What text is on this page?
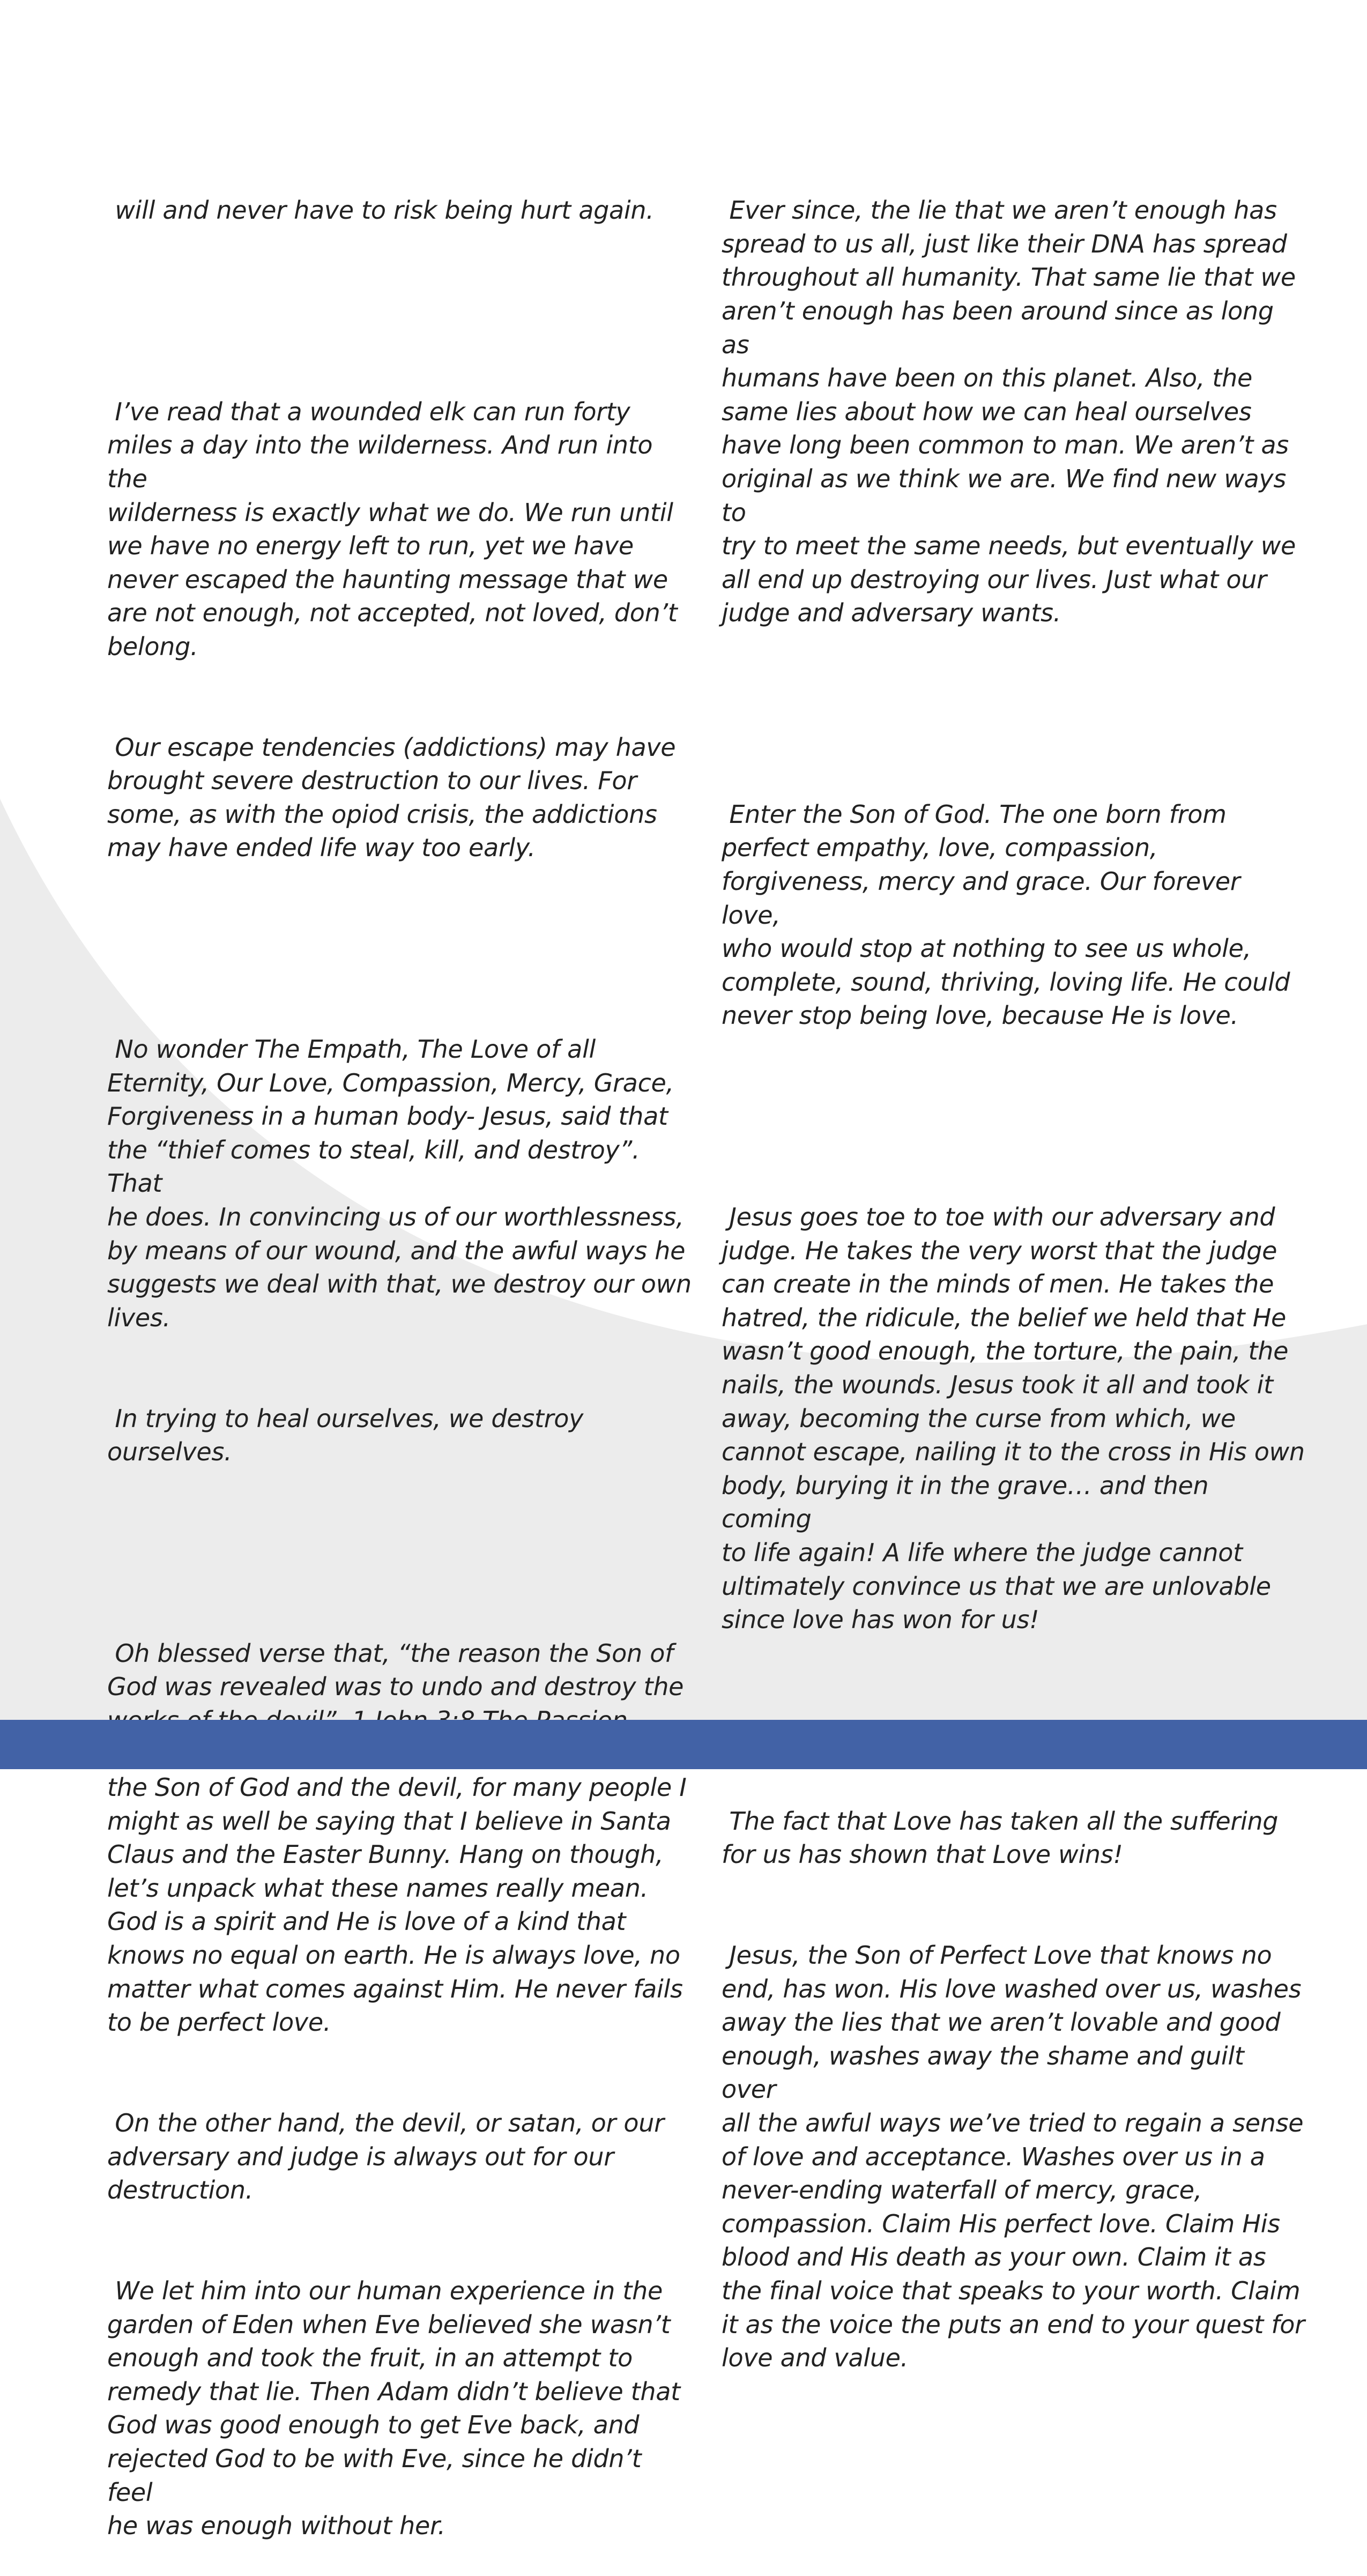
will and never have to risk being hurt again.

I’ve read that a wounded elk can run forty
miles a day into the wilderness. And run into the
wilderness is exactly what we do. We run until
we have no energy left to run, yet we have
never escaped the haunting message that we
are not enough, not accepted, not loved, don’t
belong.

Our escape tendencies (addictions) may have
brought severe destruction to our lives. For
some, as with the opiod crisis, the addictions
may have ended life way too early.

No wonder The Empath, The Love of all
Eternity, Our Love, Compassion, Mercy, Grace,
Forgiveness in a human body- Jesus, said that
the “thief comes to steal, kill, and destroy”. That
he does. In convincing us of our worthlessness,
by means of our wound, and the awful ways he
suggests we deal with that, we destroy our own
lives.

In trying to heal ourselves, we destroy
ourselves.

Oh blessed verse that, “the reason the Son of
God was revealed was to undo and destroy the

the Son of God and the devil, for many people I
might as well be saying that I believe in Santa
Claus and the Easter Bunny. Hang on though,
let’s unpack what these names really mean.
God is a spirit and He is love of a kind that
knows no equal on earth. He is always love, no
matter what comes against Him. He never fails
to be perfect love.

On the other hand, the devil, or satan, or our
adversary and judge is always out for our
destruction.

We let him into our human experience in the
garden of Eden when Eve believed she wasn’t
enough and took the fruit, in an attempt to
remedy that lie. Then Adam didn’t believe that
God was good enough to get Eve back, and
rejected God to be with Eve, since he didn’t feel
he was enough without her.

Ever since, the lie that we aren’t enough has
spread to us all, just like their DNA has spread
throughout all humanity. That same lie that we
aren’t enough has been around since as long as
humans have been on this planet. Also, the
same lies about how we can heal ourselves
have long been common to man. We aren’t as
original as we think we are. We find new ways to
try to meet the same needs, but eventually we
all end up destroying our lives. Just what our
judge and adversary wants.

Enter the Son of God. The one born from
perfect empathy, love, compassion,
forgiveness, mercy and grace. Our forever love,
who would stop at nothing to see us whole,
complete, sound, thriving, loving life. He could
never stop being love, because He is love.

Jesus goes toe to toe with our adversary and
judge. He takes the very worst that the judge
can create in the minds of men. He takes the
hatred, the ridicule, the belief we held that He
wasn’t good enough, the torture, the pain, the
nails, the wounds. Jesus took it all and took it
away, becoming the curse from which, we
cannot escape, nailing it to the cross in His own
body, burying it in the grave… and then coming
to life again! A life where the judge cannot
ultimately convince us that we are unlovable
since love has won for us!

The fact that Love has taken all the suffering
for us has shown that Love wins!

Jesus, the Son of Perfect Love that knows no
end, has won. His love washed over us, washes
away the lies that we aren’t lovable and good
enough, washes away the shame and guilt over
all the awful ways we’ve tried to regain a sense
of love and acceptance. Washes over us in a
never-ending waterfall of mercy, grace,
compassion. Claim His perfect love. Claim His
blood and His death as your own. Claim it as
the final voice that speaks to your worth. Claim
it as the voice the puts an end to your quest for
love and value.
